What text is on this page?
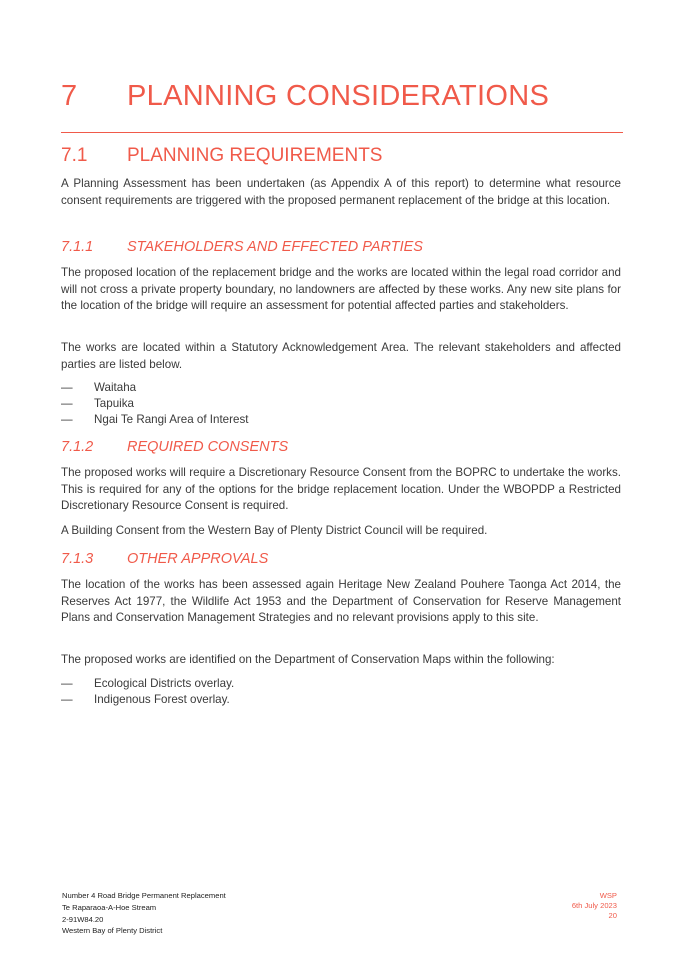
7 PLANNING CONSIDERATIONS
7.1 PLANNING REQUIREMENTS
A Planning Assessment has been undertaken (as Appendix A of this report) to determine what resource consent requirements are triggered with the proposed permanent replacement of the bridge at this location.
7.1.1 STAKEHOLDERS AND EFFECTED PARTIES
The proposed location of the replacement bridge and the works are located within the legal road corridor and will not cross a private property boundary, no landowners are affected by these works. Any new site plans for the location of the bridge will require an assessment for potential affected parties and stakeholders.
The works are located within a Statutory Acknowledgement Area. The relevant stakeholders and affected parties are listed below.
— Waitaha
— Tapuika
— Ngai Te Rangi Area of Interest
7.1.2 REQUIRED CONSENTS
The proposed works will require a Discretionary Resource Consent from the BOPRC to undertake the works. This is required for any of the options for the bridge replacement location. Under the WBOPDP a Restricted Discretionary Resource Consent is required.
A Building Consent from the Western Bay of Plenty District Council will be required.
7.1.3 OTHER APPROVALS
The location of the works has been assessed again Heritage New Zealand Pouhere Taonga Act 2014, the Reserves Act 1977, the Wildlife Act 1953 and the Department of Conservation for Reserve Management Plans and Conservation Management Strategies and no relevant provisions apply to this site.
The proposed works are identified on the Department of Conservation Maps within the following:
— Ecological Districts overlay.
— Indigenous Forest overlay.
Number 4 Road Bridge Permanent Replacement
Te Raparaoa-A-Hoe Stream
2-91W84.20
Western Bay of Plenty District
WSP
6th July 2023
20
